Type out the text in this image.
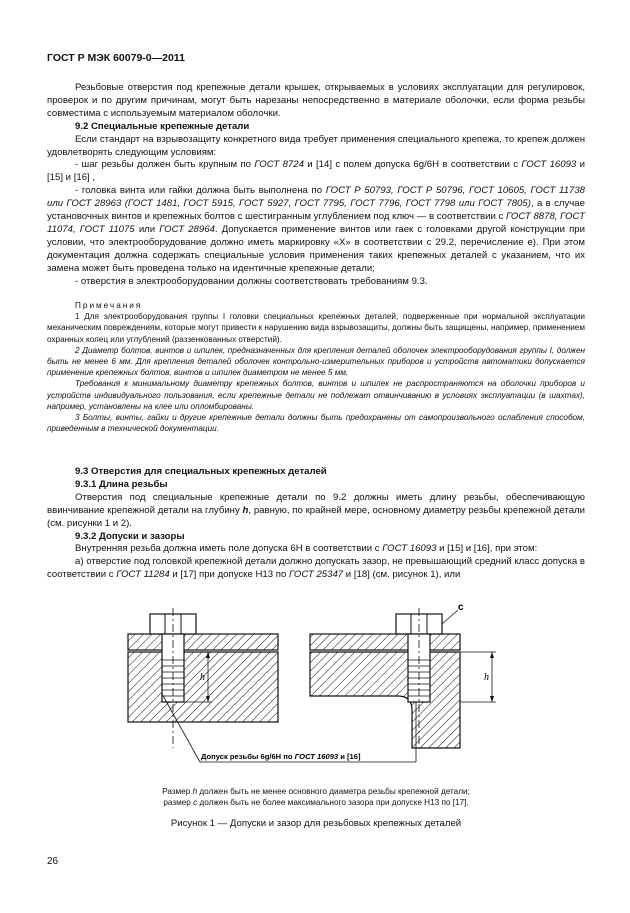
ГОСТ Р МЭК 60079-0—2011

Резьбовые отверстия под крепежные детали крышек, открываемых в условиях эксплуатации для регулировок, проверок и по другим причинам, могут быть нарезаны непосредственно в материале оболочки, если форма резьбы совместима с используемым материалом оболочки.

9.2 Специальные крепежные детали

Если стандарт на взрывозащиту конкретного вида требует применения специального крепежа, то крепеж должен удовлетворять следующим условиям:

- шаг резьбы должен быть крупным по ГОСТ 8724 и [14] с полем допуска 6g/6H в соответствии с ГОСТ 16093 и [15] и [16] ,

- головка винта или гайки должна быть выполнена по ГОСТ Р 50793, ГОСТ Р 50796, ГОСТ 10605, ГОСТ 11738 или ГОСТ 28963 (ГОСТ 1481, ГОСТ 5915, ГОСТ 5927, ГОСТ 7795, ГОСТ 7796, ГОСТ 7798 или ГОСТ 7805), а в случае установочных винтов и крепежных болтов с шестигранным углублением под ключ — в соответствии с ГОСТ 8878, ГОСТ 11074, ГОСТ 11075 или ГОСТ 28964. Допускается применение винтов или гаек с головками другой конструкции при условии, что электрооборудование должно иметь маркировку «X» в соответствии с 29.2, перечисление е). При этом документация должна содержать специальные условия применения таких крепежных деталей с указанием, что их замена может быть проведена только на идентичные крепежные детали;

- отверстия в электрооборудовании должны соответствовать требованиям 9.3.

Примечания

1 Для электрооборудования группы I головки специальных крепежных деталей, подверженные при нормальной эксплуатации механическим повреждениям, которые могут привести к нарушению вида взрывозащиты, должны быть защищены, например, применением охранных колец или углублений (раззенкованных отверстий).

2 Диаметр болтов, винтов и шпилек, предназначенных для крепления деталей оболочек электрооборудования группы I, должен быть не менее 6 мм. Для крепления деталей оболочек контрольно-измерительных приборов и устройств автоматики допускается применение крепежных болтов, винтов и шпилек диаметром не менее 5 мм.

Требования к минимальному диаметру крепежных болтов, винтов и шпилек не распространяются на оболочки приборов и устройств индивидуального пользования, если крепежные детали не подлежат отвинчиванию в условиях эксплуатации (в шахтах), например, установлены на клее или опломбированы.

3 Болты, винты, гайки и другие крепежные детали должны быть предохранены от самопроизвольного ослабления способом, приведенным в технической документации.

9.3 Отверстия для специальных крепежных деталей

9.3.1 Длина резьбы

Отверстия под специальные крепежные детали по 9.2 должны иметь длину резьбы, обеспечивающую ввинчивание крепежной детали на глубину h, равную, по крайней мере, основному диаметру резьбы крепежной детали (см. рисунки 1 и 2).

9.3.2 Допуски и зазоры

Внутренняя резьба должна иметь поле допуска 6H в соответствии с ГОСТ 16093 и [15] и [16], при этом:

а) отверстие под головкой крепежной детали должно допускать зазор, не превышающий средний класс допуска в соответствии с ГОСТ 11284 и [17] при допуске H13 по ГОСТ 25347 и [18] (см. рисунок 1), или

h	h
с
Допуск резьбы 6g/6H по ГОСТ 16093 и [16]

Размер h должен быть не менее основного диаметра резьбы крепежной детали;

размер с должен быть не более максимального зазора при допуске H13 по [17].

Рисунок 1 — Допуски и зазор для резьбовых крепежных деталей
26
